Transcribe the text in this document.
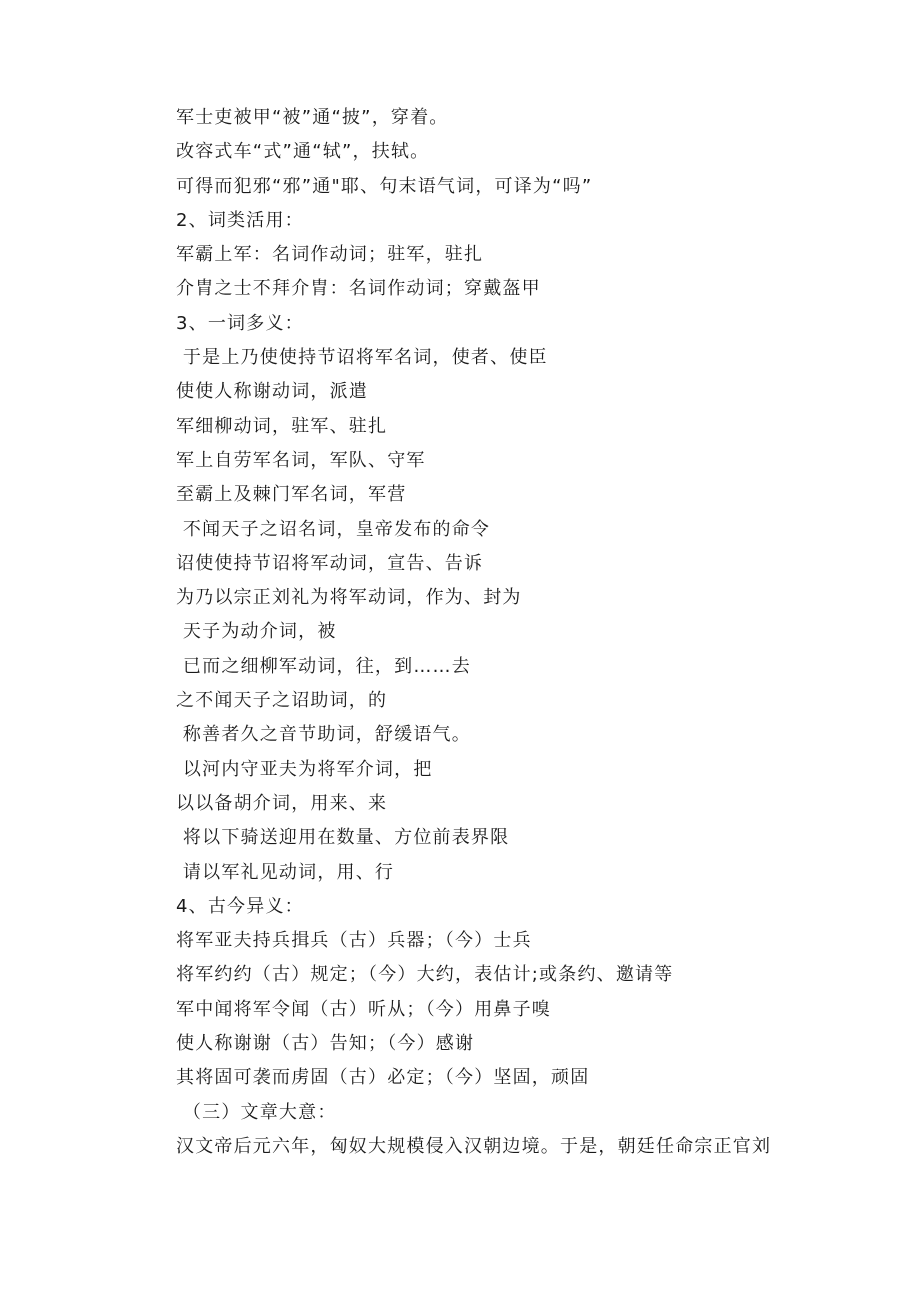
军士吏被甲“被”通“披”，穿着。
改容式车“式”通“轼”，扶轼。
可得而犯邪“邪”通"耶、句末语气词，可译为“吗”
2、词类活用：
军霸上军：名词作动词；驻军，驻扎
介胄之士不拜介胄：名词作动词；穿戴盔甲
3、一词多义：
于是上乃使使持节诏将军名词，使者、使臣
使使人称谢动词，派遣
军细柳动词，驻军、驻扎
军上自劳军名词，军队、守军
至霸上及棘门军名词，军营
不闻天子之诏名词，皇帝发布的命令
诏使使持节诏将军动词，宣告、告诉
为乃以宗正刘礼为将军动词，作为、封为
天子为动介词，被
已而之细柳军动词，往，到……去
之不闻天子之诏助词，的
称善者久之音节助词，舒缓语气。
以河内守亚夫为将军介词，把
以以备胡介词，用来、来
将以下骑送迎用在数量、方位前表界限
请以军礼见动词，用、行
4、古今异义：
将军亚夫持兵揖兵（古）兵器；（今）士兵
将军约约（古）规定；（今）大约，表估计;或条约、邀请等
军中闻将军令闻（古）听从；（今）用鼻子嗅
使人称谢谢（古）告知；（今）感谢
其将固可袭而虏固（古）必定；（今）坚固，顽固
（三）文章大意：
汉文帝后元六年，匈奴大规模侵入汉朝边境。于是，朝廷任命宗正官刘
